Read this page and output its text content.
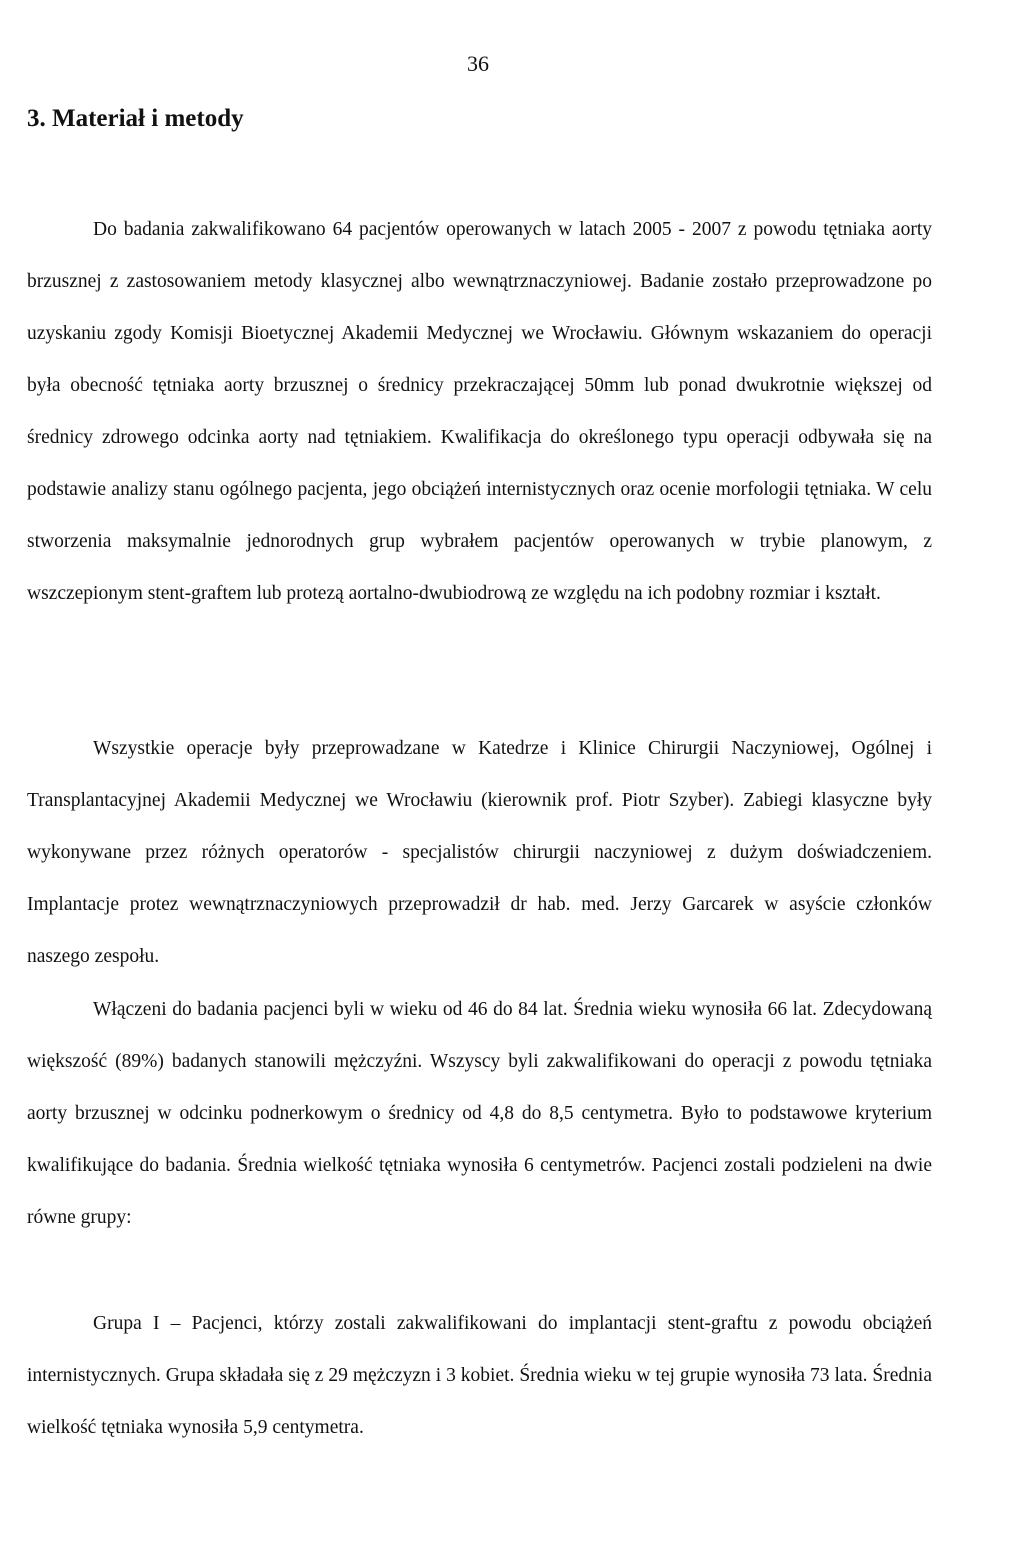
36
3. Materiał i metody

Do badania zakwalifikowano 64 pacjentów operowanych w latach 2005 - 2007 z powodu tętniaka aorty brzusznej z zastosowaniem metody klasycznej albo wewnątrznaczyniowej. Badanie zostało przeprowadzone po uzyskaniu zgody Komisji Bioetycznej Akademii Medycznej we Wrocławiu. Głównym wskazaniem do operacji była obecność tętniaka aorty brzusznej o średnicy przekraczającej 50mm lub ponad dwukrotnie większej od średnicy zdrowego odcinka aorty nad tętniakiem. Kwalifikacja do określonego typu operacji odbywała się na podstawie analizy stanu ogólnego pacjenta, jego obciążeń internistycznych oraz ocenie morfologii tętniaka. W celu stworzenia maksymalnie jednorodnych grup wybrałem pacjentów operowanych w trybie planowym, z wszczepionym stent-graftem lub protezą aortalno-dwubiodrową ze względu na ich podobny rozmiar i kształt.

Wszystkie operacje były przeprowadzane w Katedrze i Klinice Chirurgii Naczyniowej, Ogólnej i Transplantacyjnej Akademii Medycznej we Wrocławiu (kierownik prof. Piotr Szyber). Zabiegi klasyczne były wykonywane przez różnych operatorów - specjalistów chirurgii naczyniowej z dużym doświadczeniem. Implantacje protez wewnątrznaczyniowych przeprowadził dr hab. med. Jerzy Garcarek w asyście członków naszego zespołu.

Włączeni do badania pacjenci byli w wieku od 46 do 84 lat. Średnia wieku wynosiła 66 lat. Zdecydowaną większość (89%) badanych stanowili mężczyźni. Wszyscy byli zakwalifikowani do operacji z powodu tętniaka aorty brzusznej w odcinku podnerkowym o średnicy od 4,8 do 8,5 centymetra. Było to podstawowe kryterium kwalifikujące do badania. Średnia wielkość tętniaka wynosiła 6 centymetrów. Pacjenci zostali podzieleni na dwie równe grupy:

Grupa I – Pacjenci, którzy zostali zakwalifikowani do implantacji stent-graftu z powodu obciążeń internistycznych. Grupa składała się z 29 mężczyzn i 3 kobiet. Średnia wieku w tej grupie wynosiła 73 lata. Średnia wielkość tętniaka wynosiła 5,9 centymetra.
